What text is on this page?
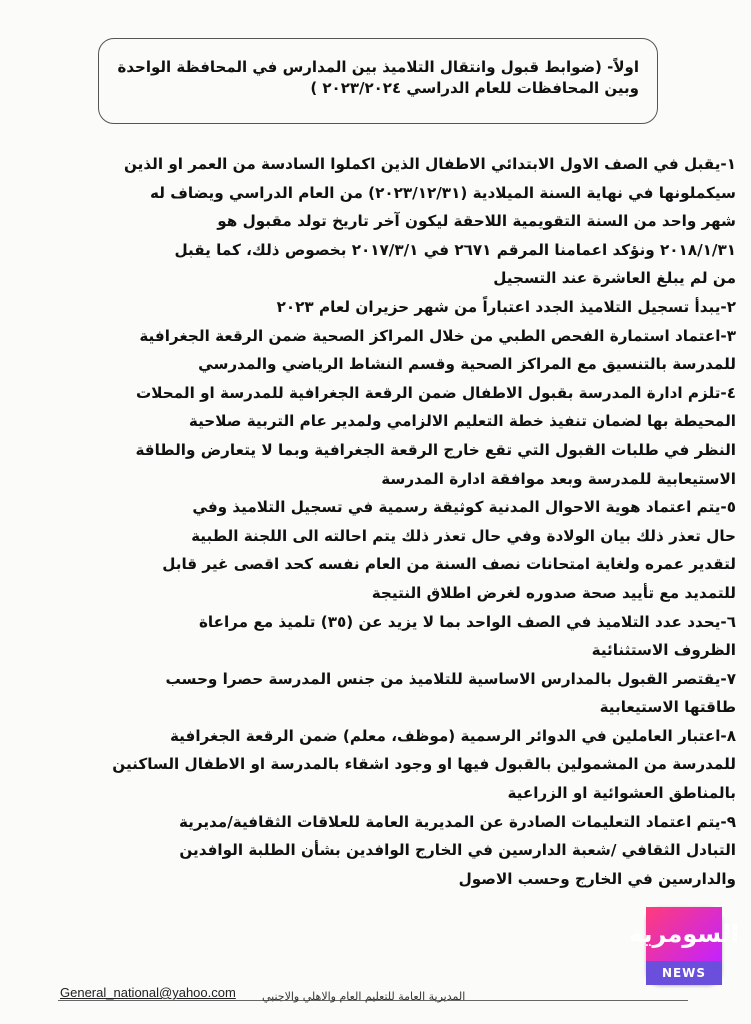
اولاً- (ضوابط قبول وانتقال التلاميذ بين المدارس في المحافظة الواحدة
وبين المحافظات للعام الدراسي ٢٠٢٣/٢٠٢٤ )
١-يقبل في الصف الاول الابتدائي الاطفال الذين اكملوا السادسة من العمر او الذين
سيكملونها في نهاية السنة الميلادية (٢٠٢٣/١٢/٣١) من العام الدراسي ويضاف له
شهر واحد من السنة التقويمية اللاحقة ليكون آخر تاريخ تولد مقبول هو
٢٠١٨/١/٣١ ونؤكد اعمامنا المرقم ٢٦٧١ في ٢٠١٧/٣/١ بخصوص ذلك، كما يقبل
من لم يبلغ العاشرة عند التسجيل
٢-يبدأ تسجيل التلاميذ الجدد اعتباراً من شهر حزيران لعام ٢٠٢٣
٣-اعتماد استمارة الفحص الطبي من خلال المراكز الصحية ضمن الرقعة الجغرافية
للمدرسة بالتنسيق مع المراكز الصحية وقسم النشاط الرياضي والمدرسي
٤-تلزم ادارة المدرسة بقبول الاطفال ضمن الرقعة الجغرافية للمدرسة او المحلات
المحيطة بها لضمان تنفيذ خطة التعليم الالزامي ولمدير عام التربية صلاحية
النظر في طلبات القبول التي تقع خارج الرقعة الجغرافية وبما لا يتعارض والطاقة
الاستيعابية للمدرسة وبعد موافقة ادارة المدرسة
٥-يتم اعتماد هوية الاحوال المدنية كوثيقة رسمية في تسجيل التلاميذ وفي
حال تعذر ذلك بيان الولادة وفي حال تعذر ذلك يتم احالته الى اللجنة الطبية
لتقدير عمره ولغاية امتحانات نصف السنة من العام نفسه كحد اقصى غير قابل
للتمديد مع تأييد صحة صدوره لغرض اطلاق النتيجة
٦-يحدد عدد التلاميذ في الصف الواحد بما لا يزيد عن (٣٥) تلميذ مع مراعاة
الظروف الاستثنائية
٧-يقتصر القبول بالمدارس الاساسية للتلاميذ من جنس المدرسة حصرا وحسب
طاقتها الاستيعابية
٨-اعتبار العاملين في الدوائر الرسمية (موظف، معلم) ضمن الرقعة الجغرافية
للمدرسة من المشمولين بالقبول فيها او وجود اشقاء بالمدرسة او الاطفال الساكنين
بالمناطق العشوائية او الزراعية
٩-يتم اعتماد التعليمات الصادرة عن المديرية العامة للعلاقات الثقافية/مديرية
التبادل الثقافي /شعبة الدارسين في الخارج الوافدين بشأن الطلبة الوافدين
والدارسين في الخارج وحسب الاصول
السومرية
NEWS
General_national@yahoo.com المديرية العامة للتعليم العام والاهلي والاجنبي
